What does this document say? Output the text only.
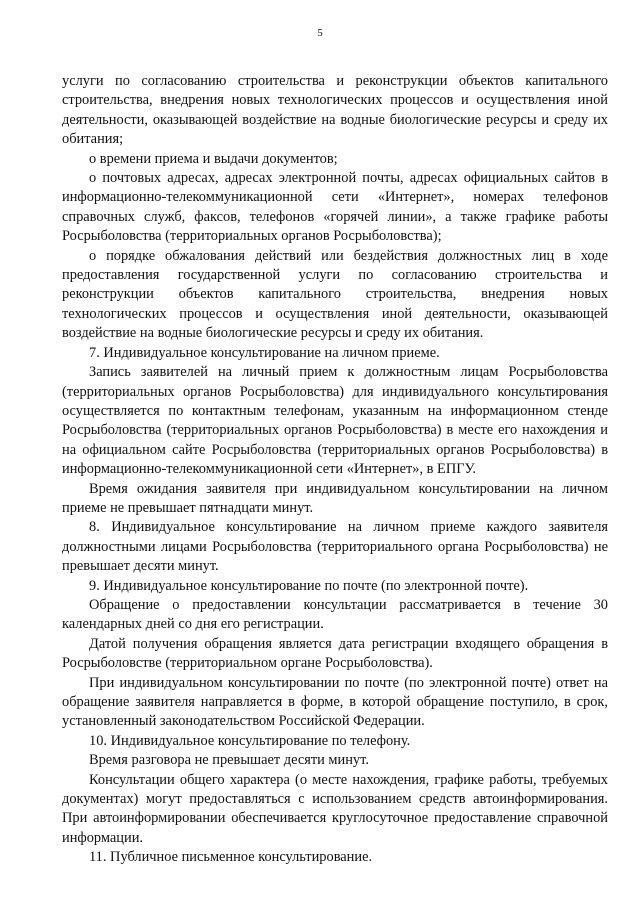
5

услуги по согласованию строительства и реконструкции объектов капитального строительства, внедрения новых технологических процессов и осуществления иной деятельности, оказывающей воздействие на водные биологические ресурсы и среду их обитания;

о времени приема и выдачи документов;

о почтовых адресах, адресах электронной почты, адресах официальных сайтов в информационно-телекоммуникационной сети «Интернет», номерах телефонов справочных служб, факсов, телефонов «горячей линии», а также графике работы Росрыболовства (территориальных органов Росрыболовства);

о порядке обжалования действий или бездействия должностных лиц в ходе предоставления государственной услуги по согласованию строительства и реконструкции объектов капитального строительства, внедрения новых технологических процессов и осуществления иной деятельности, оказывающей воздействие на водные биологические ресурсы и среду их обитания.

7. Индивидуальное консультирование на личном приеме.

Запись заявителей на личный прием к должностным лицам Росрыболовства (территориальных органов Росрыболовства) для индивидуального консультирования осуществляется по контактным телефонам, указанным на информационном стенде Росрыболовства (территориальных органов Росрыболовства) в месте его нахождения и на официальном сайте Росрыболовства (территориальных органов Росрыболовства) в информационно-телекоммуникационной сети «Интернет», в ЕПГУ.

Время ожидания заявителя при индивидуальном консультировании на личном приеме не превышает пятнадцати минут.

8. Индивидуальное консультирование на личном приеме каждого заявителя должностными лицами Росрыболовства (территориального органа Росрыболовства) не превышает десяти минут.

9. Индивидуальное консультирование по почте (по электронной почте).

Обращение о предоставлении консультации рассматривается в течение 30 календарных дней со дня его регистрации.

Датой получения обращения является дата регистрации входящего обращения в Росрыболовстве (территориальном органе Росрыболовства).

При индивидуальном консультировании по почте (по электронной почте) ответ на обращение заявителя направляется в форме, в которой обращение поступило, в срок, установленный законодательством Российской Федерации.

10. Индивидуальное консультирование по телефону.

Время разговора не превышает десяти минут.

Консультации общего характера (о месте нахождения, графике работы, требуемых документах) могут предоставляться с использованием средств автоинформирования. При автоинформировании обеспечивается круглосуточное предоставление справочной информации.

11. Публичное письменное консультирование.
